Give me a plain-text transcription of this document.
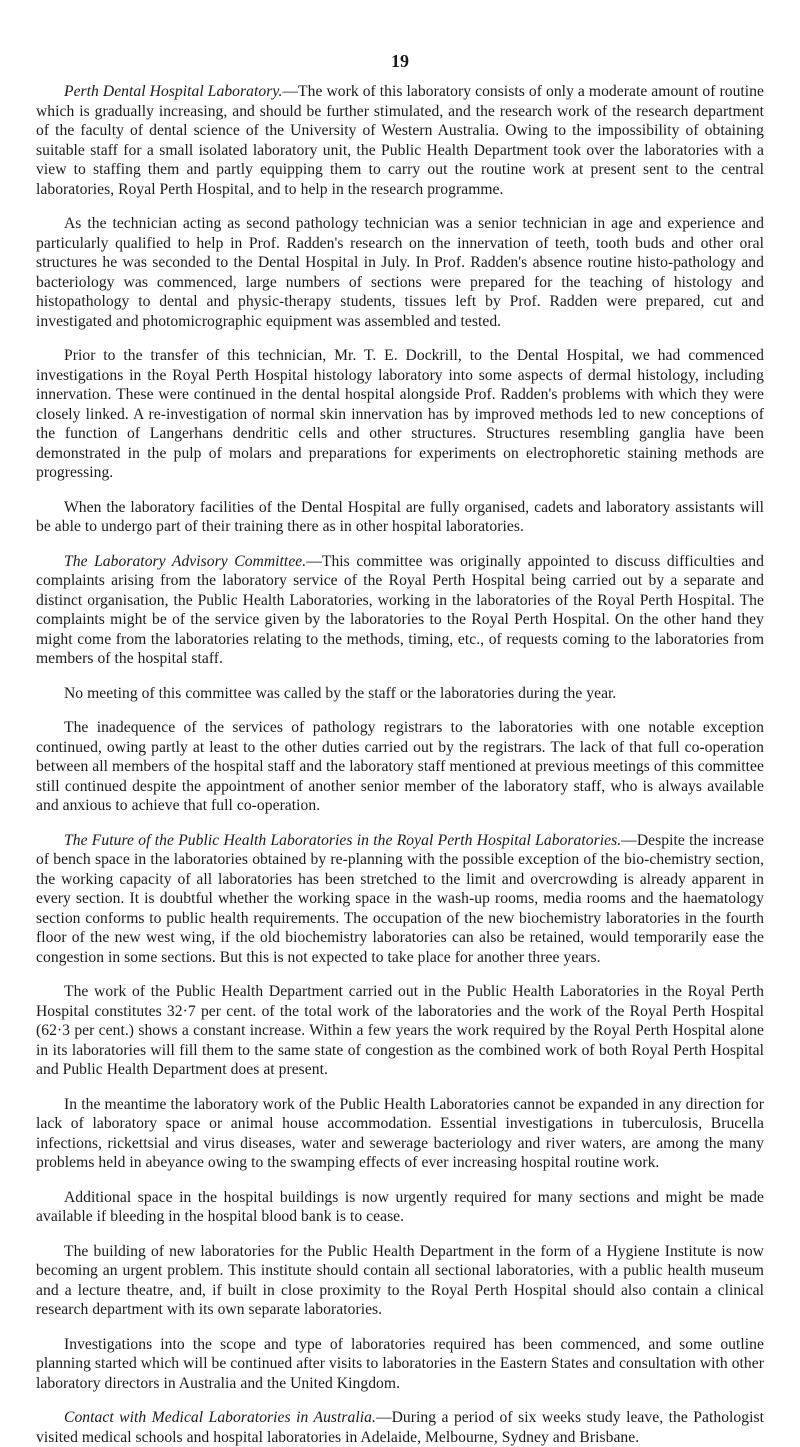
19

Perth Dental Hospital Laboratory.—The work of this laboratory consists of only a moderate amount of routine which is gradually increasing, and should be further stimulated, and the research work of the research department of the faculty of dental science of the University of Western Australia. Owing to the impossibility of obtaining suitable staff for a small isolated laboratory unit, the Public Health Department took over the laboratories with a view to staffing them and partly equipping them to carry out the routine work at present sent to the central laboratories, Royal Perth Hospital, and to help in the research programme.

As the technician acting as second pathology technician was a senior technician in age and experience and particularly qualified to help in Prof. Radden's research on the innervation of teeth, tooth buds and other oral structures he was seconded to the Dental Hospital in July. In Prof. Radden's absence routine histo-pathology and bacteriology was commenced, large numbers of sections were prepared for the teaching of histology and histopathology to dental and physic-therapy students, tissues left by Prof. Radden were prepared, cut and investigated and photomicrographic equipment was assembled and tested.

Prior to the transfer of this technician, Mr. T. E. Dockrill, to the Dental Hospital, we had commenced investigations in the Royal Perth Hospital histology laboratory into some aspects of dermal histology, including innervation. These were continued in the dental hospital alongside Prof. Radden's problems with which they were closely linked. A re-investigation of normal skin innervation has by improved methods led to new conceptions of the function of Langerhans dendritic cells and other structures. Structures resembling ganglia have been demonstrated in the pulp of molars and preparations for experiments on electrophoretic staining methods are progressing.

When the laboratory facilities of the Dental Hospital are fully organised, cadets and laboratory assistants will be able to undergo part of their training there as in other hospital laboratories.

The Laboratory Advisory Committee.—This committee was originally appointed to discuss difficulties and complaints arising from the laboratory service of the Royal Perth Hospital being carried out by a separate and distinct organisation, the Public Health Laboratories, working in the laboratories of the Royal Perth Hospital. The complaints might be of the service given by the laboratories to the Royal Perth Hospital. On the other hand they might come from the laboratories relating to the methods, timing, etc., of requests coming to the laboratories from members of the hospital staff.

No meeting of this committee was called by the staff or the laboratories during the year.

The inadequence of the services of pathology registrars to the laboratories with one notable exception continued, owing partly at least to the other duties carried out by the registrars. The lack of that full co-operation between all members of the hospital staff and the laboratory staff mentioned at previous meetings of this committee still continued despite the appointment of another senior member of the laboratory staff, who is always available and anxious to achieve that full co-operation.

The Future of the Public Health Laboratories in the Royal Perth Hospital Laboratories.—Despite the increase of bench space in the laboratories obtained by re-planning with the possible exception of the bio-chemistry section, the working capacity of all laboratories has been stretched to the limit and overcrowding is already apparent in every section. It is doubtful whether the working space in the wash-up rooms, media rooms and the haematology section conforms to public health requirements. The occupation of the new biochemistry laboratories in the fourth floor of the new west wing, if the old biochemistry laboratories can also be retained, would temporarily ease the congestion in some sections. But this is not expected to take place for another three years.

The work of the Public Health Department carried out in the Public Health Laboratories in the Royal Perth Hospital constitutes 32·7 per cent. of the total work of the laboratories and the work of the Royal Perth Hospital (62·3 per cent.) shows a constant increase. Within a few years the work required by the Royal Perth Hospital alone in its laboratories will fill them to the same state of congestion as the combined work of both Royal Perth Hospital and Public Health Department does at present.

In the meantime the laboratory work of the Public Health Laboratories cannot be expanded in any direction for lack of laboratory space or animal house accommodation. Essential investigations in tuberculosis, Brucella infections, rickettsial and virus diseases, water and sewerage bacteriology and river waters, are among the many problems held in abeyance owing to the swamping effects of ever increasing hospital routine work.

Additional space in the hospital buildings is now urgently required for many sections and might be made available if bleeding in the hospital blood bank is to cease.

The building of new laboratories for the Public Health Department in the form of a Hygiene Institute is now becoming an urgent problem. This institute should contain all sectional laboratories, with a public health museum and a lecture theatre, and, if built in close proximity to the Royal Perth Hospital should also contain a clinical research department with its own separate laboratories.

Investigations into the scope and type of laboratories required has been commenced, and some outline planning started which will be continued after visits to laboratories in the Eastern States and consultation with other laboratory directors in Australia and the United Kingdom.

Contact with Medical Laboratories in Australia.—During a period of six weeks study leave, the Pathologist visited medical schools and hospital laboratories in Adelaide, Melbourne, Sydney and Brisbane.
